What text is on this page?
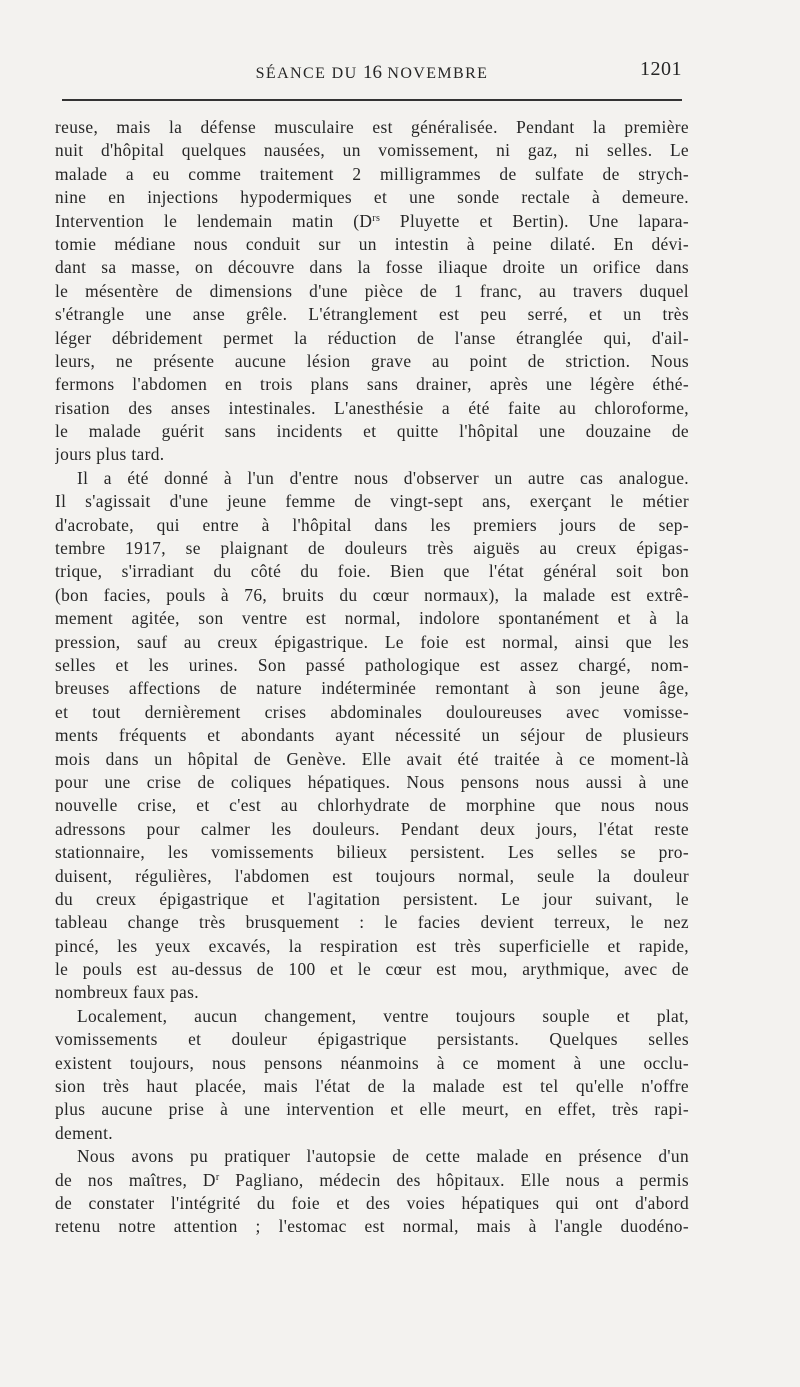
SÉANCE DU 16 NOVEMBRE	1201
reuse, mais la défense musculaire est généralisée. Pendant la première
nuit d'hôpital quelques nausées, un vomissement, ni gaz, ni selles. Le
malade a eu comme traitement 2 milligrammes de sulfate de strych-
nine en injections hypodermiques et une sonde rectale à demeure.
Intervention le lendemain matin ($D^{rs}$ Pluyette et Bertin). Une lapara-
tomie médiane nous conduit sur un intestin à peine dilaté. En dévi-
dant sa masse, on découvre dans la fosse iliaque droite un orifice dans
le mésentère de dimensions d'une pièce de 1 franc, au travers duquel
s'étrangle une anse grêle. L'étranglement est peu serré, et un très
léger débridement permet la réduction de l'anse étranglée qui, d'ail-
leurs, ne présente aucune lésion grave au point de striction. Nous
fermons l'abdomen en trois plans sans drainer, après une légère éthé-
risation des anses intestinales. L'anesthésie a été faite au chloroforme,
le malade guérit sans incidents et quitte l'hôpital une douzaine de
jours plus tard.
Il a été donné à l'un d'entre nous d'observer un autre cas analogue.
Il s'agissait d'une jeune femme de vingt-sept ans, exerçant le métier
d'acrobate, qui entre à l'hôpital dans les premiers jours de sep-
tembre 1917, se plaignant de douleurs très aiguës au creux épigas-
trique, s'irradiant du côté du foie. Bien que l'état général soit bon
(bon facies, pouls à 76, bruits du cœur normaux), la malade est extrê-
mement agitée, son ventre est normal, indolore spontanément et à la
pression, sauf au creux épigastrique. Le foie est normal, ainsi que les
selles et les urines. Son passé pathologique est assez chargé, nom-
breuses affections de nature indéterminée remontant à son jeune âge,
et tout dernièrement crises abdominales douloureuses avec vomisse-
ments fréquents et abondants ayant nécessité un séjour de plusieurs
mois dans un hôpital de Genève. Elle avait été traitée à ce moment-là
pour une crise de coliques hépatiques. Nous pensons nous aussi à une
nouvelle crise, et c'est au chlorhydrate de morphine que nous nous
adressons pour calmer les douleurs. Pendant deux jours, l'état reste
stationnaire, les vomissements bilieux persistent. Les selles se pro-
duisent, régulières, l'abdomen est toujours normal, seule la douleur
du creux épigastrique et l'agitation persistent. Le jour suivant, le
tableau change très brusquement : le facies devient terreux, le nez
pincé, les yeux excavés, la respiration est très superficielle et rapide,
le pouls est au-dessus de 100 et le cœur est mou, arythmique, avec de
nombreux faux pas.
Localement, aucun changement, ventre toujours souple et plat,
vomissements et douleur épigastrique persistants. Quelques selles
existent toujours, nous pensons néanmoins à ce moment à une occlu-
sion très haut placée, mais l'état de la malade est tel qu'elle n'offre
plus aucune prise à une intervention et elle meurt, en effet, très rapi-
dement.
Nous avons pu pratiquer l'autopsie de cette malade en présence d'un
de nos maîtres, $D^r$ Pagliano, médecin des hôpitaux. Elle nous a permis
de constater l'intégrité du foie et des voies hépatiques qui ont d'abord
retenu notre attention ; l'estomac est normal, mais à l'angle duodéno-
